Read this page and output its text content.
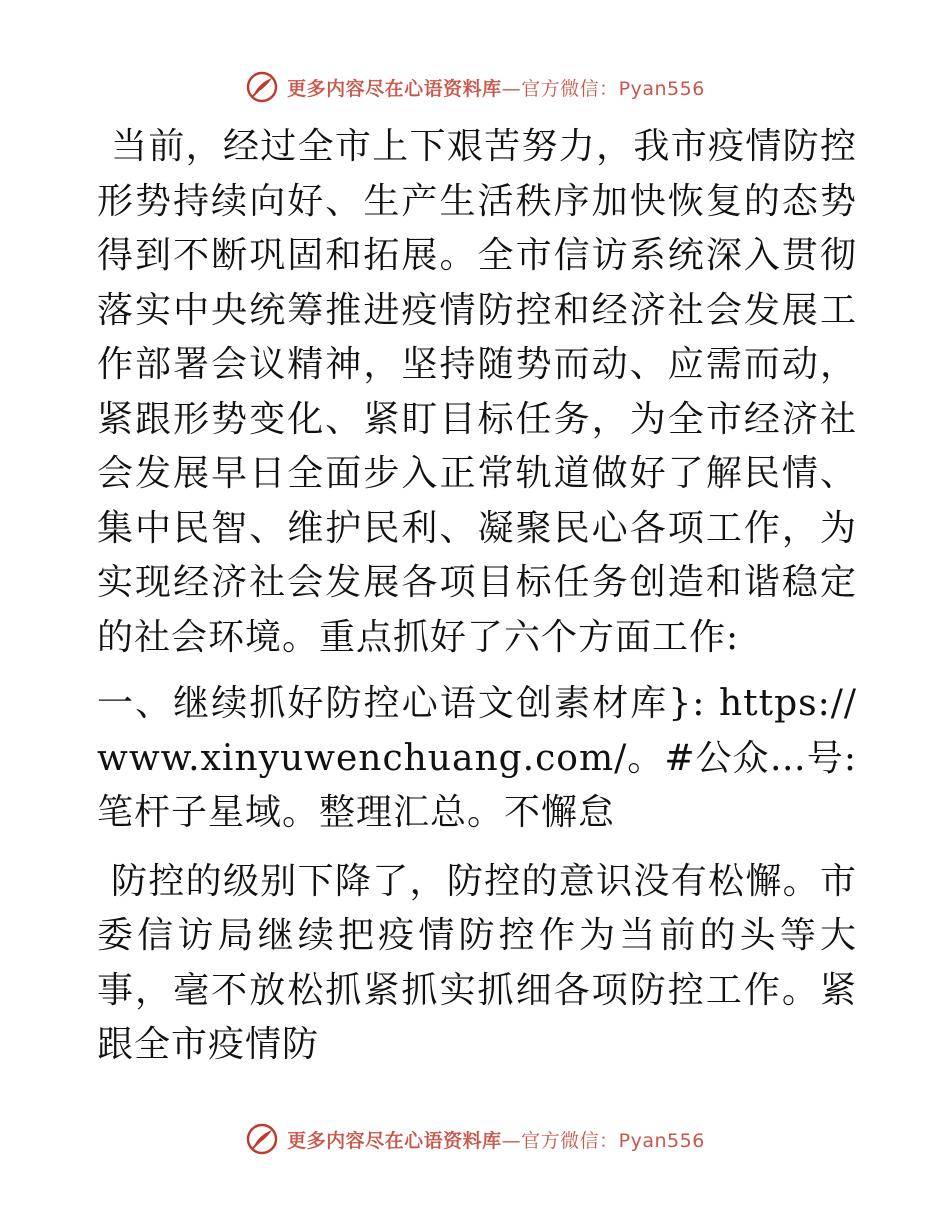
更多内容尽在心语资料库—官方微信：Pyan556

当前，经过全市上下艰苦努力，我市疫情防控形势持续向好、生产生活秩序加快恢复的态势得到不断巩固和拓展。全市信访系统深入贯彻落实中央统筹推进疫情防控和经济社会发展工作部署会议精神，坚持随势而动、应需而动，紧跟形势变化、紧盯目标任务，为全市经济社会发展早日全面步入正常轨道做好了解民情、集中民智、维护民利、凝聚民心各项工作，为实现经济社会发展各项目标任务创造和谐稳定的社会环境。重点抓好了六个方面工作:

一、继续抓好防控心语文创素材库}: https://www.xinyuwenchuang.com/。#公众…号: 笔杆子星域。整理汇总。不懈怠

防控的级别下降了，防控的意识没有松懈。市委信访局继续把疫情防控作为当前的头等大事，毫不放松抓紧抓实抓细各项防控工作。紧跟全市疫情防

更多内容尽在心语资料库—官方微信：Pyan556
